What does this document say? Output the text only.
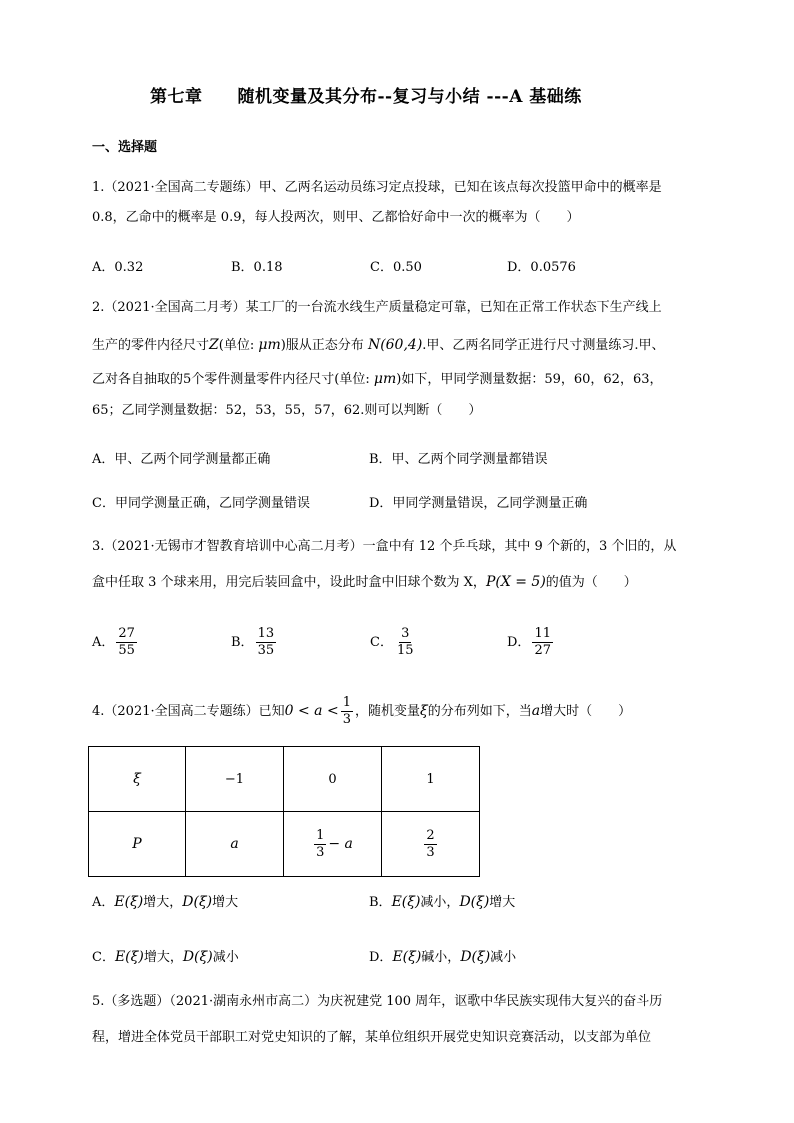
第七章　　随机变量及其分布--复习与小结 ---A 基础练
一、选择题
1.（2021·全国高二专题练）甲、乙两名运动员练习定点投球，已知在该点每次投篮甲命中的概率是
0.8，乙命中的概率是 0.9，每人投两次，则甲、乙都恰好命中一次的概率为（　　）
A．0.32	B．0.18	C．0.50	D．0.0576
2.（2021·全国高二月考）某工厂的一台流水线生产质量稳定可靠，已知在正常工作状态下生产线上
生产的零件内径尺寸Z(单位: μm)服从正态分布 N(60,4).甲、乙两名同学正进行尺寸测量练习.甲、
乙对各自抽取的5个零件测量零件内径尺寸(单位: μm)如下，甲同学测量数据：59，60，62，63，
65；乙同学测量数据：52，53，55，57，62.则可以判断（　　）
A．甲、乙两个同学测量都正确	B．甲、乙两个同学测量都错误
C．甲同学测量正确，乙同学测量错误	D．甲同学测量错误，乙同学测量正确
3.（2021·无锡市才智教育培训中心高二月考）一盒中有 12 个乒乓球，其中 9 个新的，3 个旧的，从
盒中任取 3 个球来用，用完后装回盒中，设此时盒中旧球个数为 X，P(X = 5)的值为（　　）
A． $\frac{27}{55}$	B． $\frac{13}{35}$	C． $\frac{3}{15}$	D． $\frac{11}{27}$
4.（2021·全国高二专题练）已知$0 < a < \frac{1}{3}$ ，随机变量ξ的分布列如下，当a增大时（　　）
ξ	−1	0	1
P	a	$\frac{1}{3} - a$	$\frac{2}{3}$
A．E(ξ)增大，D(ξ)增大	B．E(ξ)减小，D(ξ)增大
C．E(ξ)增大，D(ξ)减小	D．E(ξ)碱小，D(ξ)减小
5.（多选题）（2021·湖南永州市高二）为庆祝建党 100 周年，讴歌中华民族实现伟大复兴的奋斗历
程，增进全体党员干部职工对党史知识的了解，某单位组织开展党史知识竞赛活动，以支部为单位
